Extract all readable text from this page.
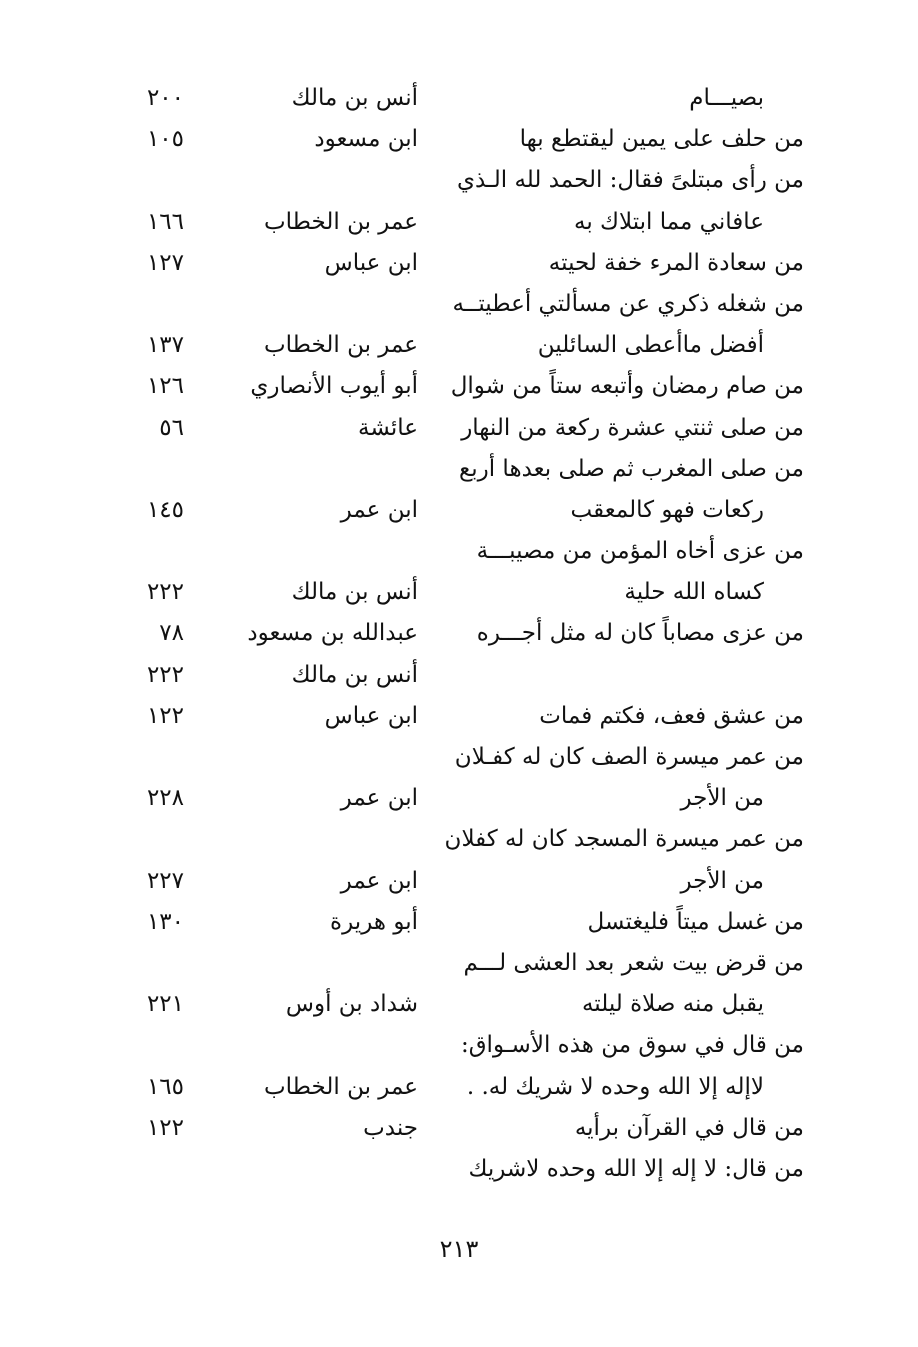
بصيـــام
أنس بن مالك
٢٠٠
من حلف على يمين ليقتطع بها
ابن مسعود
١٠٥
من رأى مبتلىً فقال: الحمد لله الـذي
عافاني مما ابتلاك به
عمر بن الخطاب
١٦٦
من سعادة المرء خفة لحيته
ابن عباس
١٢٧
من شغله ذكري عن مسألتي أعطيتــه
أفضل ماأعطى السائلين
عمر بن الخطاب
١٣٧
من صام رمضان وأتبعه ستاً من شوال
أبو أيوب الأنصاري
١٢٦
من صلى ثنتي عشرة ركعة من النهار
عائشة
٥٦
من صلى المغرب ثم صلى بعدها أربع
ركعات فهو كالمعقب
ابن عمر
١٤٥
من عزى أخاه المؤمن من مصيبـــة
كساه الله حلية
أنس بن مالك
٢٢٢
من عزى مصاباً كان له مثل أجـــره
عبدالله بن مسعود
٧٨
أنس بن مالك
٢٢٢
من عشق فعف، فكتم فمات
ابن عباس
١٢٢
من عمر ميسرة الصف كان له كفـلان
من الأجر
ابن عمر
٢٢٨
من عمر ميسرة المسجد كان له كفلان
من الأجر
ابن عمر
٢٢٧
من غسل ميتاً فليغتسل
أبو هريرة
١٣٠
من قرض بيت شعر بعد العشى لـــم
يقبل منه صلاة ليلته
شداد بن أوس
٢٢١
من قال في سوق من هذه الأسـواق:
لاإله إلا الله وحده لا شريك له. .
عمر بن الخطاب
١٦٥
من قال في القرآن برأيه
جندب
١٢٢
من قال: لا إله إلا الله وحده لاشريك
٢١٣
